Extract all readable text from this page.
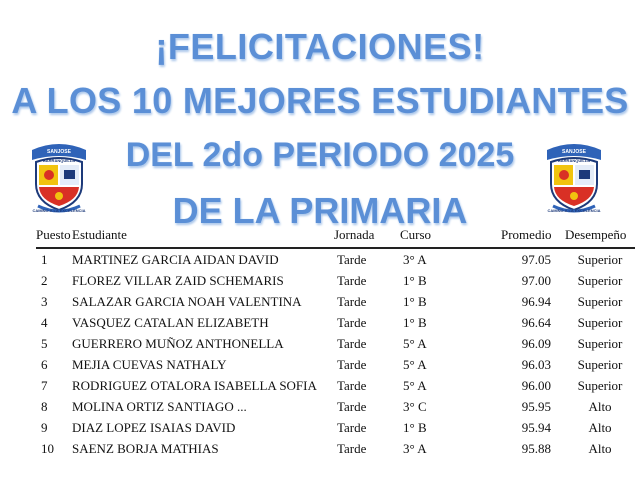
¡FELICITACIONES!
A LOS 10 MEJORES ESTUDIANTES
DEL 2do PERIODO 2025
DE LA PRIMARIA
SANJOSE
BARRANQUILLA
CAMINO A LA EXCELENCIA
SANJOSE
BARRANQUILLA
CAMINO A LA EXCELENCIA
Puesto	Estudiante	Jornada	Curso	Promedio	Desempeño
1	MARTINEZ GARCIA AIDAN DAVID	Tarde	3° A	97.05	Superior
2	FLOREZ VILLAR ZAID SCHEMARIS	Tarde	1° B	97.00	Superior
3	SALAZAR GARCIA NOAH VALENTINA	Tarde	1° B	96.94	Superior
4	VASQUEZ CATALAN ELIZABETH	Tarde	1° B	96.64	Superior
5	GUERRERO MUÑOZ ANTHONELLA	Tarde	5° A	96.09	Superior
6	MEJIA CUEVAS NATHALY	Tarde	5° A	96.03	Superior
7	RODRIGUEZ OTALORA ISABELLA SOFIA	Tarde	5° A	96.00	Superior
8	MOLINA ORTIZ SANTIAGO ...	Tarde	3° C	95.95	Alto
9	DIAZ LOPEZ ISAIAS DAVID	Tarde	1° B	95.94	Alto
10	SAENZ BORJA MATHIAS	Tarde	3° A	95.88	Alto
